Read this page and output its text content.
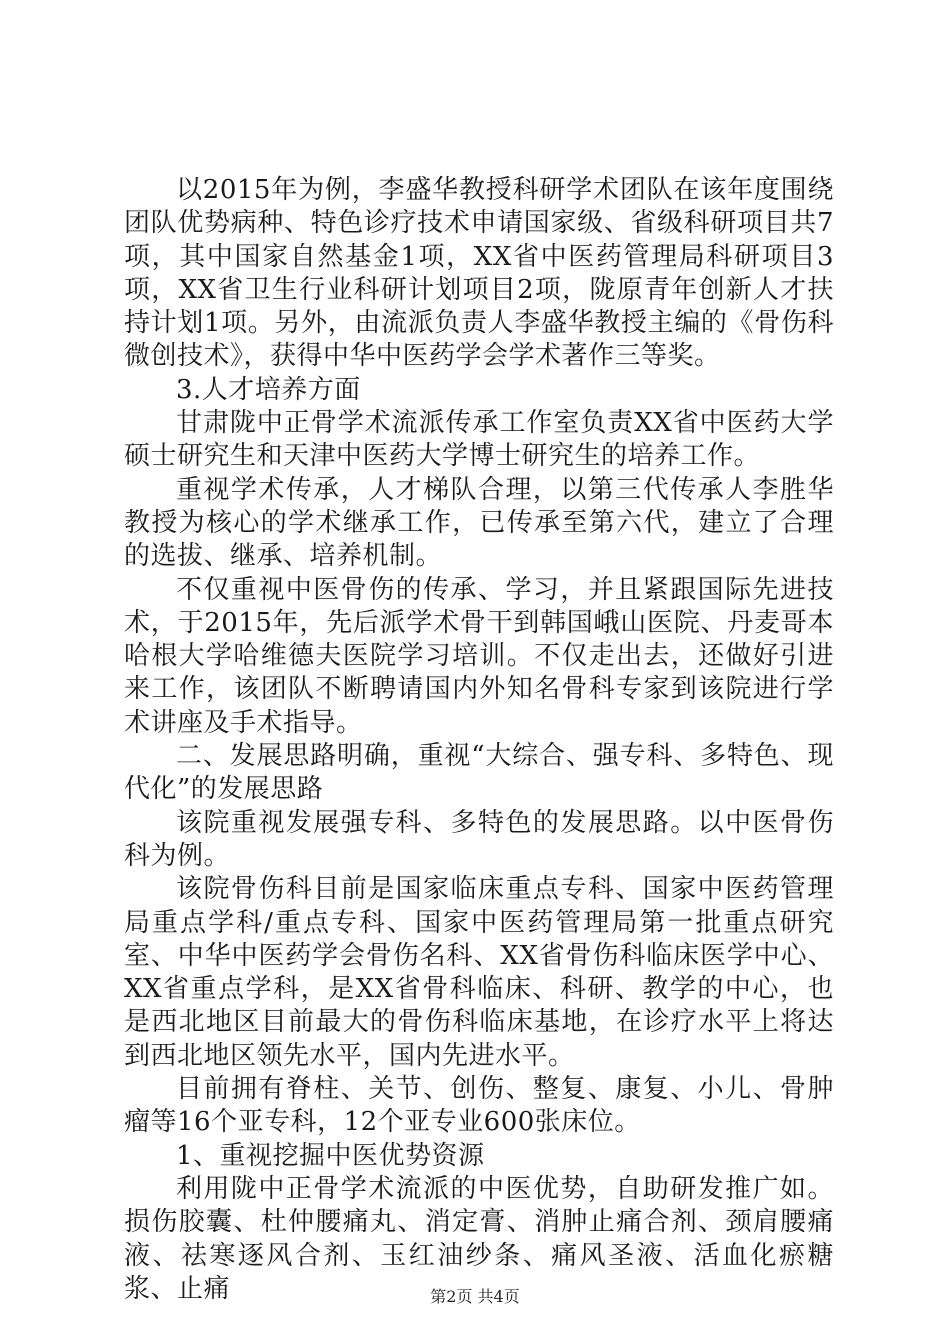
以2015年为例，李盛华教授科研学术团队在该年度围绕团队优势病种、特色诊疗技术申请国家级、省级科研项目共7项，其中国家自然基金1项，XX省中医药管理局科研项目3项，XX省卫生行业科研计划项目2项，陇原青年创新人才扶持计划1项。另外，由流派负责人李盛华教授主编的《骨伤科微创技术》，获得中华中医药学会学术著作三等奖。

3.人才培养方面

甘肃陇中正骨学术流派传承工作室负责XX省中医药大学硕士研究生和天津中医药大学博士研究生的培养工作。

重视学术传承，人才梯队合理，以第三代传承人李胜华教授为核心的学术继承工作，已传承至第六代，建立了合理的选拔、继承、培养机制。

不仅重视中医骨伤的传承、学习，并且紧跟国际先进技术，于2015年，先后派学术骨干到韩国峨山医院、丹麦哥本哈根大学哈维德夫医院学习培训。不仅走出去，还做好引进来工作，该团队不断聘请国内外知名骨科专家到该院进行学术讲座及手术指导。

二、发展思路明确，重视“大综合、强专科、多特色、现代化”的发展思路

该院重视发展强专科、多特色的发展思路。以中医骨伤科为例。

该院骨伤科目前是国家临床重点专科、国家中医药管理局重点学科/重点专科、国家中医药管理局第一批重点研究室、中华中医药学会骨伤名科、XX省骨伤科临床医学中心、XX省重点学科，是XX省骨科临床、科研、教学的中心，也是西北地区目前最大的骨伤科临床基地，在诊疗水平上将达到西北地区领先水平，国内先进水平。

目前拥有脊柱、关节、创伤、整复、康复、小儿、骨肿瘤等16个亚专科，12个亚专业600张床位。

1、重视挖掘中医优势资源

利用陇中正骨学术流派的中医优势，自助研发推广如。损伤胶囊、杜仲腰痛丸、消定膏、消肿止痛合剂、颈肩腰痛液、祛寒逐风合剂、玉红油纱条、痛风圣液、活血化瘀糖浆、止痛	第2页 共4页
